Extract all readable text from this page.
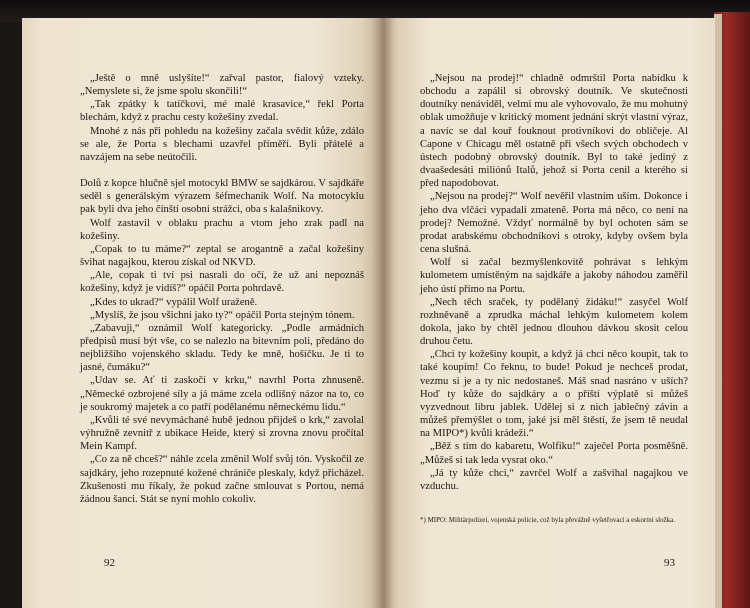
„Ještě o mně uslyšíte!“ zařval pastor, fialový vzteky. „Nemyslete si, že jsme spolu skončili!“

„Tak zpátky k tatíčkovi, mé malé krasavice,“ řekl Porta blechám, když z prachu cesty kožešiny zvedal.

Mnohé z nás při pohledu na kožešiny začala svědit kůže, zdálo se ale, že Porta s blechami uzavřel příměří. Byli přátelé a navzájem na sebe neútočili.

Dolů z kopce hlučně sjel motocykl BMW se sajdkárou. V sajdkáře seděl s generálským výrazem šéfmechanik Wolf. Na motocyklu pak byli dva jeho čínští osobní strážci, oba s kalašnikovy.

Wolf zastavil v oblaku prachu a vtom jeho zrak padl na kožešiny.

„Copak to tu máme?“ zeptal se arogantně a začal kožešiny švihat nagajkou, kterou získal od NKVD.

„Ale, copak ti tví psi nasrali do očí, že už ani nepoznáš kožešiny, když je vidíš?“ opáčil Porta pohrdavě.

„Kdes to ukrad?“ vypálil Wolf uraženě.

„Myslíš, že jsou všichni jako ty?“ opáčil Porta stejným tónem.

„Zabavuji,“ oznámil Wolf kategoricky. „Podle armádních předpisů musí být vše, co se nalezlo na bitevním poli, předáno do nejbližšího vojenského skladu. Tedy ke mně, hošíčku. Je ti to jasné, čumáku?“

„Udav se. Ať ti zaskočí v krku,“ navrhl Porta zhnuseně. „Německé ozbrojené síly a já máme zcela odlišný názor na to, co je soukromý majetek a co patří podělanému německému lidu.“

„Kvůli té své nevymáchané hubě jednou přijdeš o krk,“ zavolal výhružně zevnitř z ubikace Heide, který si zrovna znovu pročítal Mein Kampf.

„Co za ně chceš?“ náhle zcela změnil Wolf svůj tón. Vyskočil ze sajdkáry, jeho rozepnuté kožené chrániče pleskaly, když přicházel. Zkušenosti mu říkaly, že pokud začne smlouvat s Portou, nemá žádnou šanci. Stát se nyní mohlo cokoliv.

92

„Nejsou na prodej!“ chladně odmrštil Porta nabídku k obchodu a zapálil si obrovský doutník. Ve skutečnosti doutníky nenáviděl, velmi mu ale vyhovovalo, že mu mohutný oblak umožňuje v kritický moment jednání skrýt vlastní výraz, a navíc se dal kouř fouknout protivníkovi do obličeje. Al Capone v Chicagu měl ostatně při všech svých obchodech v ústech podobný obrovský doutník. Byl to také jediný z dvaašedesáti miliónů Italů, jehož si Porta cenil a kterého si před napodobovat.

„Nejsou na prodej?“ Wolf nevěřil vlastním uším. Dokonce i jeho dva vlčáci vypadali zmateně. Porta má něco, co není na prodej? Nemožné. Vždyť normálně by byl ochoten sám se prodat arabskému obchodníkovi s otroky, kdyby ovšem byla cena slušná.

Wolf si začal bezmyšlenkovitě pohrávat s lehkým kulometem umístěným na sajdkáře a jakoby náhodou zaměřil jeho ústí přímo na Portu.

„Nech těch sraček, ty podělaný židáku!“ zasyčel Wolf rozhněvaně a zprudka máchal lehkým kulometem kolem dokola, jako by chtěl jednou dlouhou dávkou skosit celou druhou četu.

„Chci ty kožešiny koupit, a když já chci něco koupit, tak to také koupím! Co řeknu, to bude! Pokud je nechceš prodat, vezmu si je a ty nic nedostaneš. Máš snad nasráno v uších? Hoď ty kůže do sajdkáry a o příští výplatě si můžeš vyzvednout libru jablek. Udělej si z nich jablečný závin a můžeš přemýšlet o tom, jaké jsi měl štěstí, že jsem tě neudal na MIPO*) kvůli krádeži.“

„Běž s tím do kabaretu, Wolfiku!“ zaječel Porta posměšně. „Můžeš si tak leda vysrat oko.“

„Já ty kůže chci,“ zavrčel Wolf a zašvihal nagajkou ve vzduchu.

*) MIPO: Militärpolizei, vojenská policie, což byla převážně vyšetřovací a eskortní složka.
93
